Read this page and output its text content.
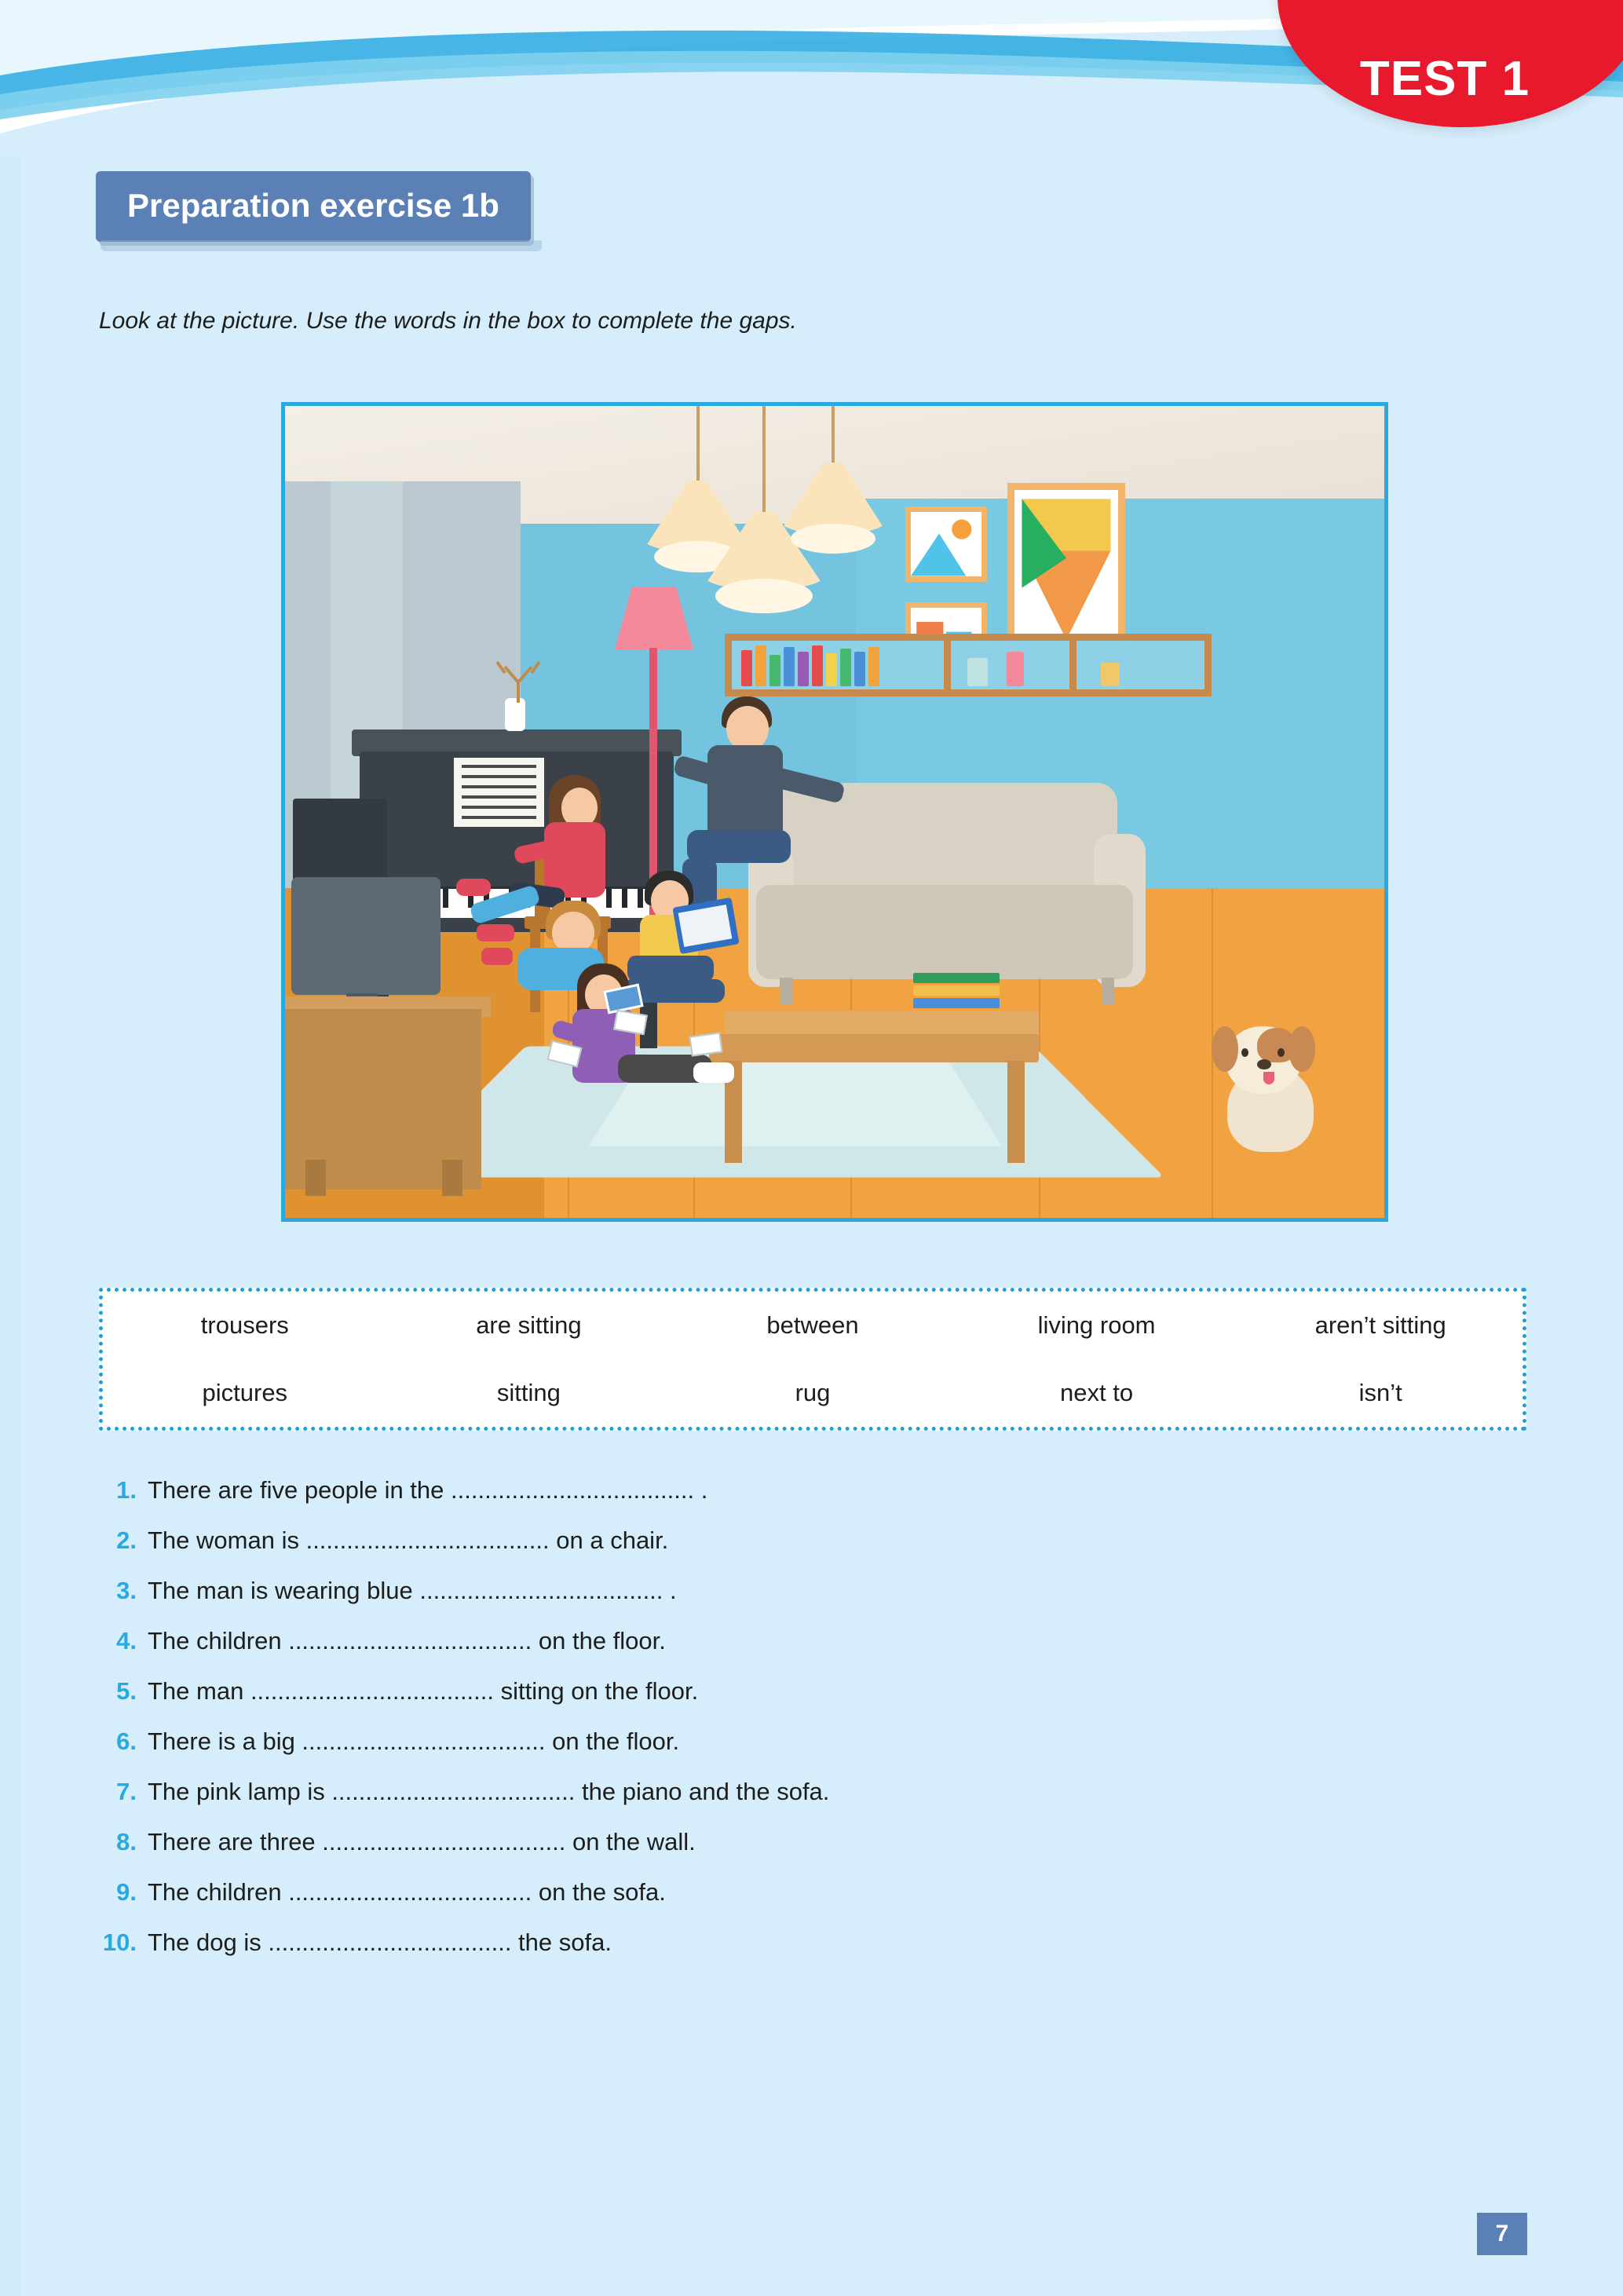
TEST 1
Preparation exercise 1b
Look at the picture. Use the words in the box to complete the gaps.
trousers	are sitting	between	living room	aren’t sitting
pictures	sitting	rug	next to	isn’t
1. There are five people in the .................................... .
2. The woman is .................................... on a chair.
3. The man is wearing blue .................................... .
4. The children .................................... on the floor.
5. The man .................................... sitting on the floor.
6. There is a big .................................... on the floor.
7. The pink lamp is .................................... the piano and the sofa.
8. There are three .................................... on the wall.
9. The children .................................... on the sofa.
10. The dog is .................................... the sofa.
7
